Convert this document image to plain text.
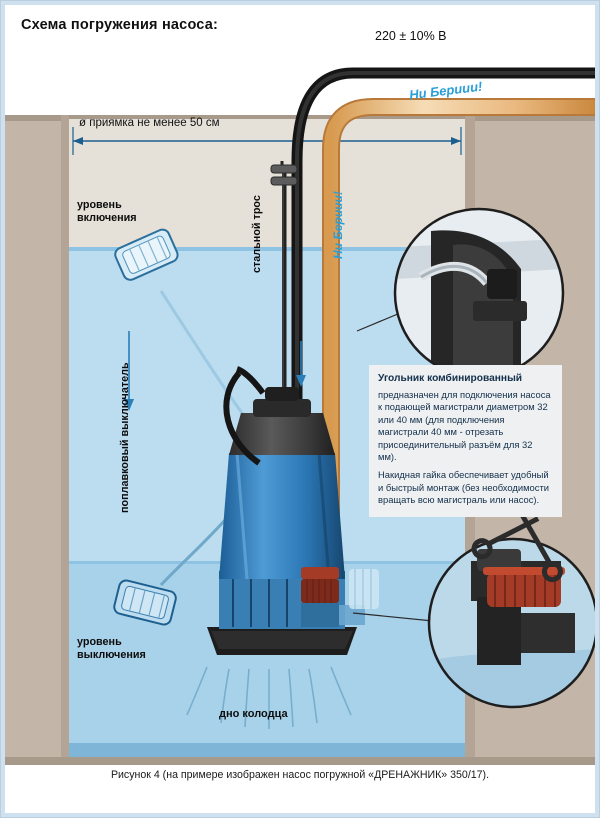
Схема погружения насоса:
220 ± 10% В
ø приямка не менее 50 см
уровень
включения
уровень
выключения
дно колодца
стальной трос
поплавковый выключатель
Ни Бериии!
Ни Бериии!
Угольник комбинированный

предназначен для подключения насоса к подающей магистрали диаметром 32 или 40 мм (для подключения магистрали 40 мм - отрезать присоединительный разъём для 32 мм).

Накидная гайка обеспечивает удобный и быстрый монтаж (без необходимости вращать всю магистраль или насос).

Рисунок 4 (на примере изображен насос погружной «ДРЕНАЖНИК» 350/17).
